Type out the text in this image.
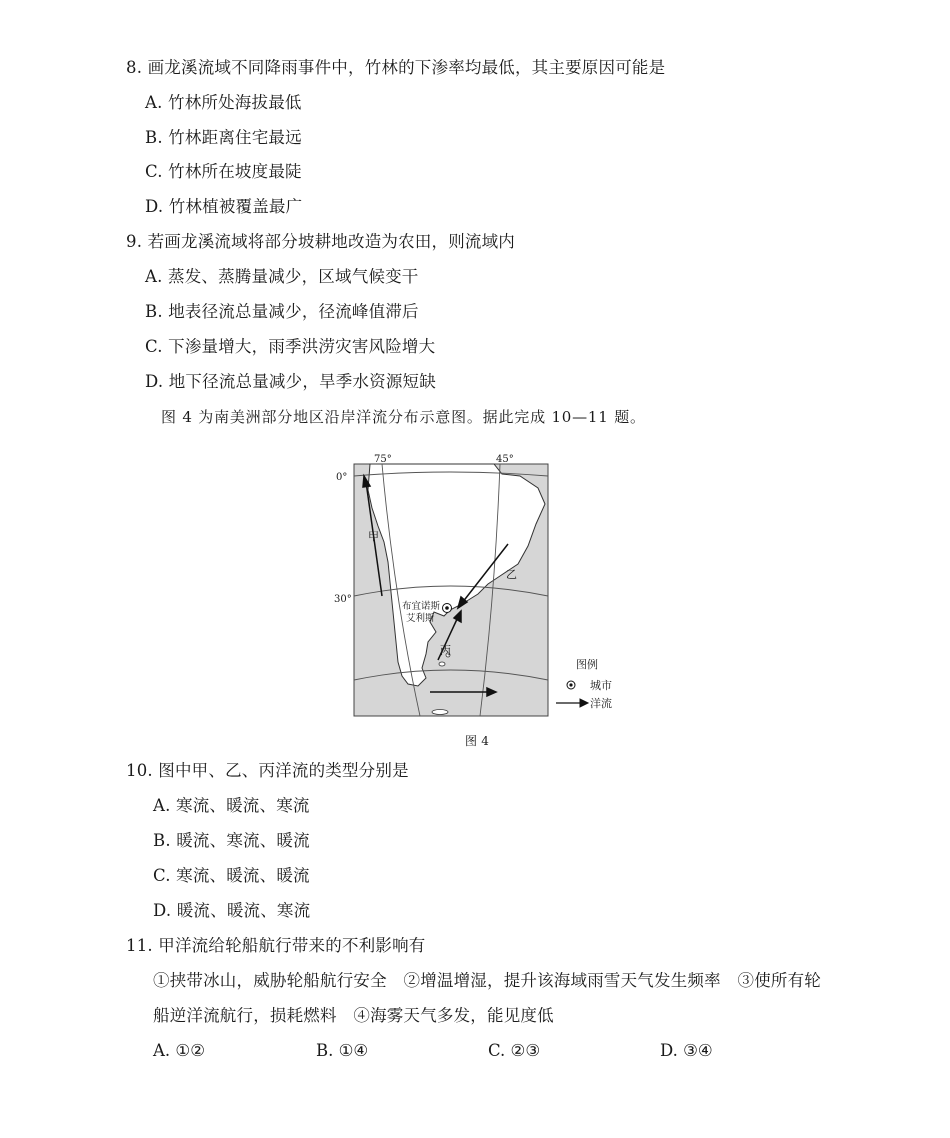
8. 画龙溪流域不同降雨事件中，竹林的下渗率均最低，其主要原因可能是
A. 竹林所处海拔最低
B. 竹林距离住宅最远
C. 竹林所在坡度最陡
D. 竹林植被覆盖最广
9. 若画龙溪流域将部分坡耕地改造为农田，则流域内
A. 蒸发、蒸腾量减少，区域气候变干
B. 地表径流总量减少，径流峰值滞后
C. 下渗量增大，雨季洪涝灾害风险增大
D. 地下径流总量减少，旱季水资源短缺
图 4 为南美洲部分地区沿岸洋流分布示意图。据此完成 10—11 题。
75°	45°
0°
30°
甲
乙
丙
布宜诺斯
艾利斯
图例
城市
洋流
图 4
10. 图中甲、乙、丙洋流的类型分别是
A. 寒流、暖流、寒流
B. 暖流、寒流、暖流
C. 寒流、暖流、暖流
D. 暖流、暖流、寒流
11. 甲洋流给轮船航行带来的不利影响有
①挟带冰山，威胁轮船航行安全　②增温增湿，提升该海域雨雪天气发生频率　③使所有轮
船逆洋流航行，损耗燃料　④海雾天气多发，能见度低
A. ①②	B. ①④	C. ②③	D. ③④
